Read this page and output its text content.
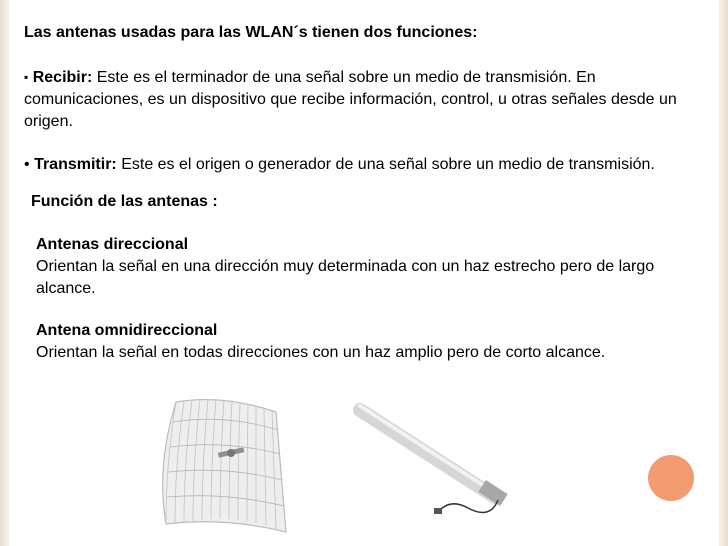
Las antenas usadas para las WLAN´s tienen dos funciones:
▪ Recibir: Este es el terminador de una señal sobre un medio de transmisión. En comunicaciones, es un dispositivo que recibe información, control, u otras señales desde un origen.
• Transmitir: Este es el origen o generador de una señal sobre un medio de transmisión.
Función de las antenas :
Antenas direccional
Orientan la señal en una dirección muy determinada con un haz estrecho pero de largo alcance.
Antena omnidireccional
Orientan la señal en todas direcciones con un haz amplio pero de corto alcance.
